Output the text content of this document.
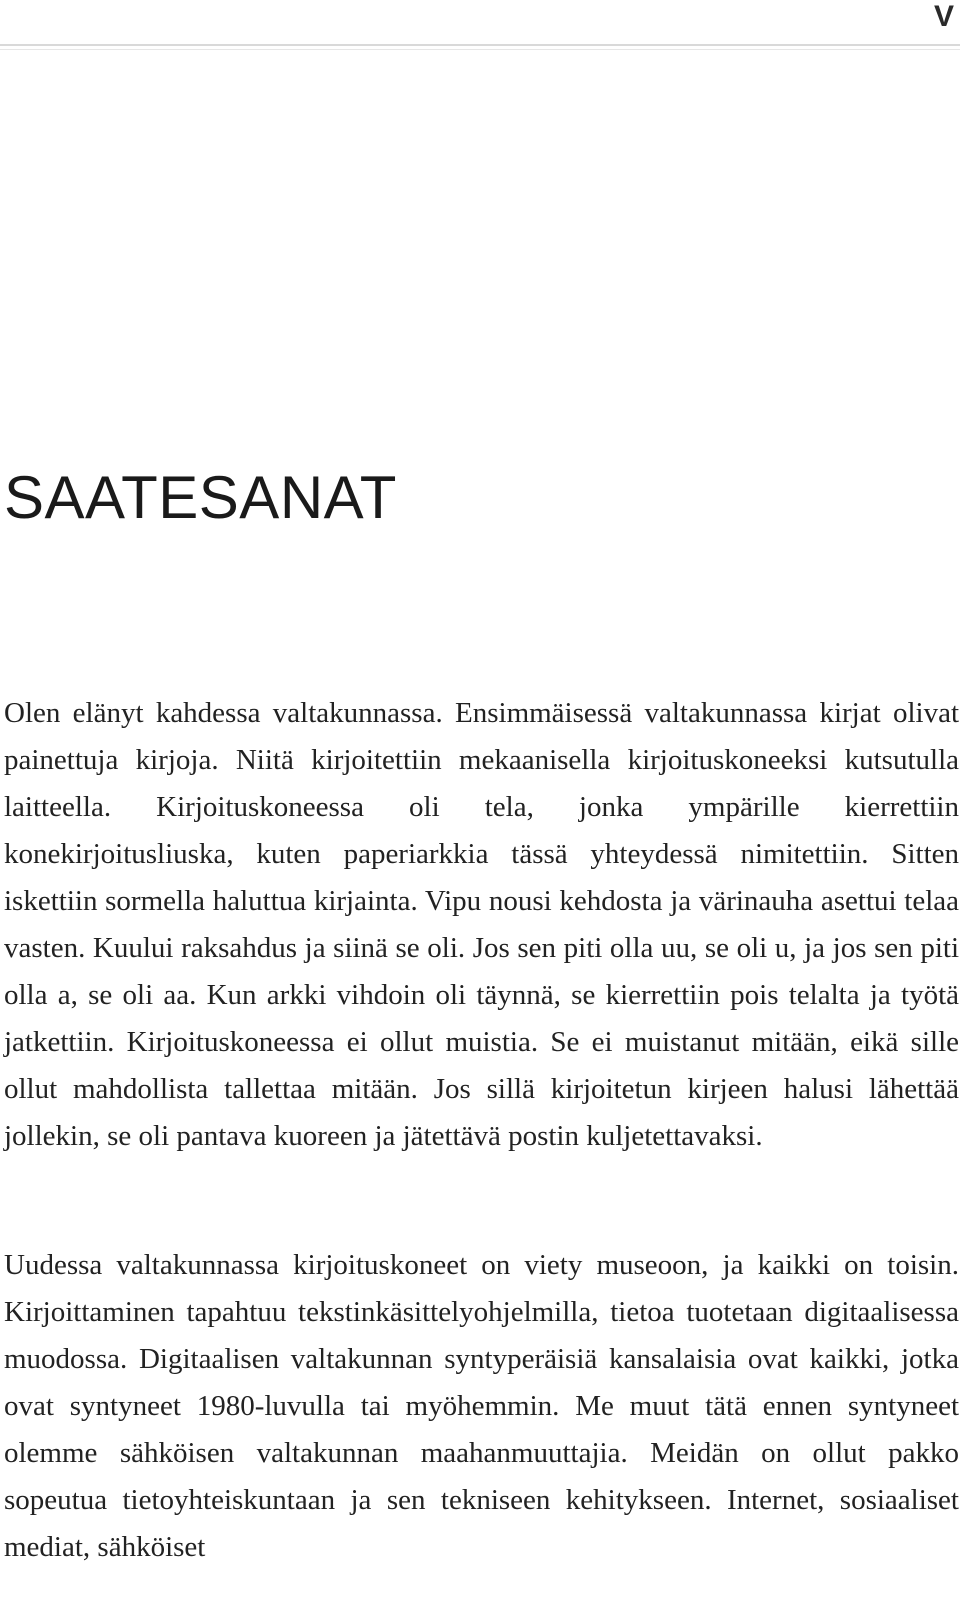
V
SAATESANAT

Olen elänyt kahdessa valtakunnassa. Ensimmäisessä valtakunnassa kirjat olivat painettuja kirjoja. Niitä kirjoitettiin mekaanisella kirjoituskoneeksi kutsutulla laitteella. Kirjoituskoneessa oli tela, jonka ympärille kierrettiin konekirjoitusliuska, kuten paperiarkkia tässä yhteydessä nimitettiin. Sitten iskettiin sormella haluttua kirjainta. Vipu nousi kehdosta ja värinauha asettui telaa vasten. Kuului raksahdus ja siinä se oli. Jos sen piti olla uu, se oli u, ja jos sen piti olla a, se oli aa. Kun arkki vihdoin oli täynnä, se kierrettiin pois telalta ja työtä jatkettiin. Kirjoituskoneessa ei ollut muistia. Se ei muistanut mitään, eikä sille ollut mahdollista tallettaa mitään. Jos sillä kirjoitetun kirjeen halusi lähettää jollekin, se oli pantava kuoreen ja jätettävä postin kuljetettavaksi.

Uudessa valtakunnassa kirjoituskoneet on viety museoon, ja kaikki on toisin. Kirjoittaminen tapahtuu tekstinkäsittelyohjelmilla, tietoa tuotetaan digitaalisessa muodossa. Digitaalisen valtakunnan syntyperäisiä kansalaisia ovat kaikki, jotka ovat syntyneet 1980-luvulla tai myöhemmin. Me muut tätä ennen syntyneet olemme sähköisen valtakunnan maahanmuuttajia. Meidän on ollut pakko sopeutua tietoyhteiskuntaan ja sen tekniseen kehitykseen. Internet, sosiaaliset mediat, sähköiset
